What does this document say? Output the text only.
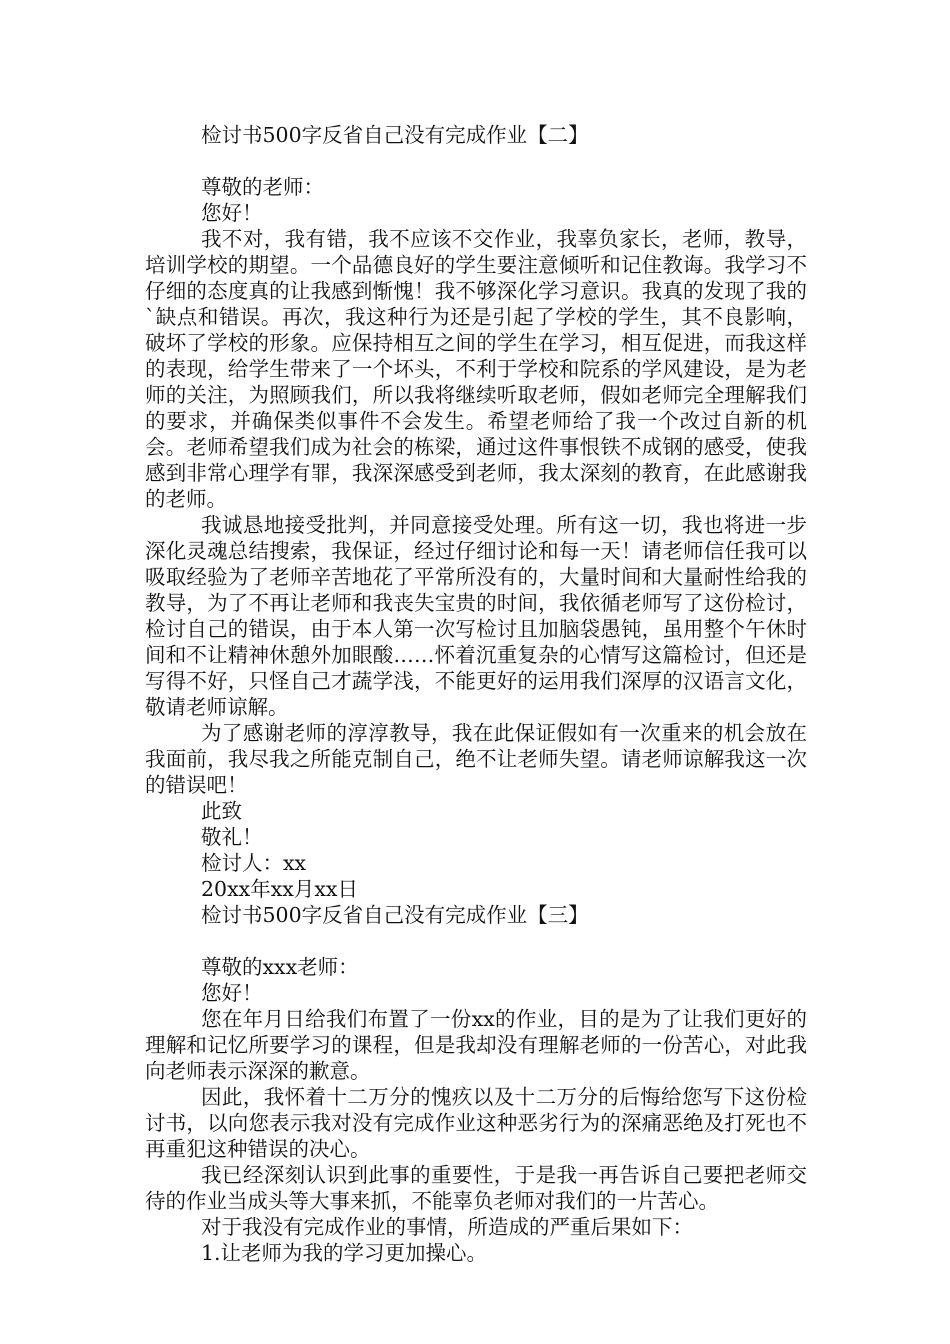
检讨书500字反省自己没有完成作业【二】

尊敬的老师：

您好！

我不对，我有错，我不应该不交作业，我辜负家长，老师，教导，培训学校的期望。一个品德良好的学生要注意倾听和记住教诲。我学习不仔细的态度真的让我感到惭愧！我不够深化学习意识。我真的发现了我的`缺点和错误。再次，我这种行为还是引起了学校的学生，其不良影响，破坏了学校的形象。应保持相互之间的学生在学习，相互促进，而我这样的表现，给学生带来了一个坏头，不利于学校和院系的学风建设，是为老师的关注，为照顾我们，所以我将继续听取老师，假如老师完全理解我们的要求，并确保类似事件不会发生。希望老师给了我一个改过自新的机会。老师希望我们成为社会的栋梁，通过这件事恨铁不成钢的感受，使我感到非常心理学有罪，我深深感受到老师，我太深刻的教育，在此感谢我的老师。

我诚恳地接受批判，并同意接受处理。所有这一切，我也将进一步深化灵魂总结搜索，我保证，经过仔细讨论和每一天！请老师信任我可以吸取经验为了老师辛苦地花了平常所没有的，大量时间和大量耐性给我的教导，为了不再让老师和我丧失宝贵的时间，我依循老师写了这份检讨，检讨自己的错误，由于本人第一次写检讨且加脑袋愚钝，虽用整个午休时间和不让精神休憩外加眼酸……怀着沉重复杂的心情写这篇检讨，但还是写得不好，只怪自己才蔬学浅，不能更好的运用我们深厚的汉语言文化，敬请老师谅解。

为了感谢老师的淳淳教导，我在此保证假如有一次重来的机会放在我面前，我尽我之所能克制自己，绝不让老师失望。请老师谅解我这一次的错误吧！

此致

敬礼！

检讨人：xx

20xx年xx月xx日

检讨书500字反省自己没有完成作业【三】

尊敬的xxx老师：

您好！

您在年月日给我们布置了一份xx的作业，目的是为了让我们更好的理解和记忆所要学习的课程，但是我却没有理解老师的一份苦心，对此我向老师表示深深的歉意。

因此，我怀着十二万分的愧疚以及十二万分的后悔给您写下这份检讨书，以向您表示我对没有完成作业这种恶劣行为的深痛恶绝及打死也不再重犯这种错误的决心。

我已经深刻认识到此事的重要性，于是我一再告诉自己要把老师交待的作业当成头等大事来抓，不能辜负老师对我们的一片苦心。

对于我没有完成作业的事情，所造成的严重后果如下：

1.让老师为我的学习更加操心。
